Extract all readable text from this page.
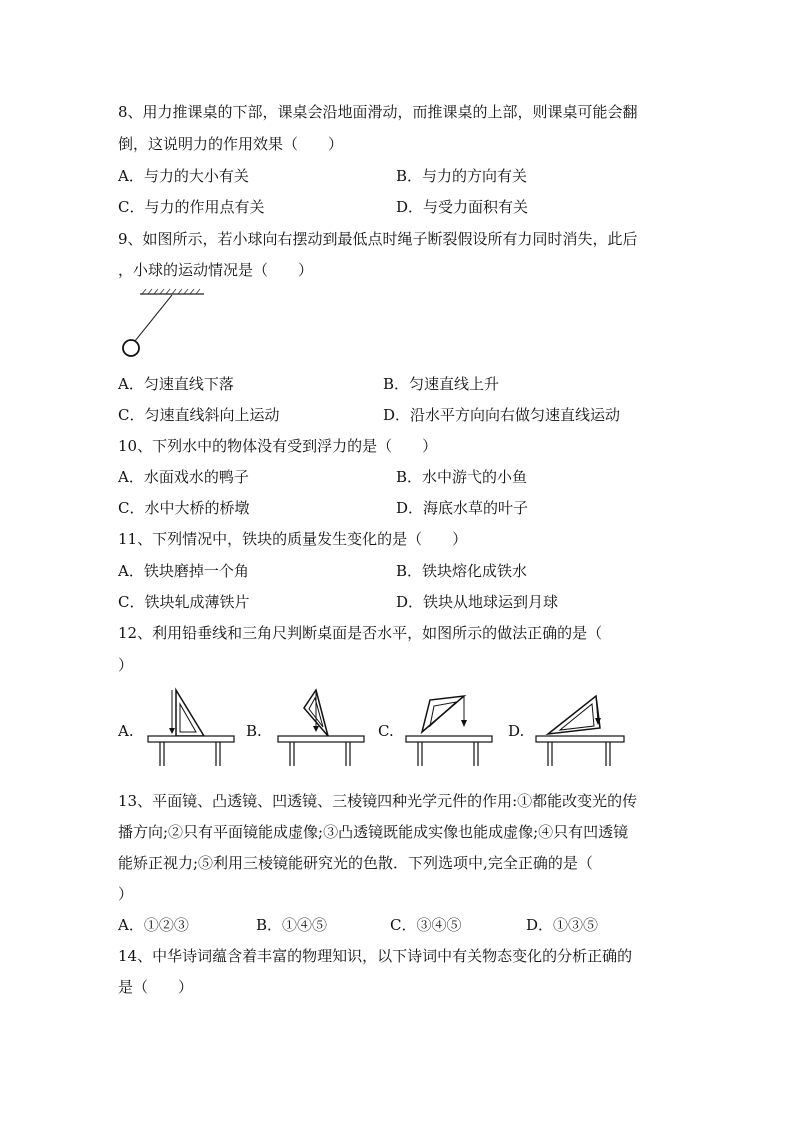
8、用力推课桌的下部，课桌会沿地面滑动，而推课桌的上部，则课桌可能会翻
倒，这说明力的作用效果（　　）
A．与力的大小有关	B．与力的方向有关
C．与力的作用点有关	D．与受力面积有关
9、如图所示，若小球向右摆动到最低点时绳子断裂假设所有力同时消失，此后
，小球的运动情况是（　　）
A．匀速直线下落	B．匀速直线上升
C．匀速直线斜向上运动	D．沿水平方向向右做匀速直线运动
10、下列水中的物体没有受到浮力的是（　　）
A．水面戏水的鸭子	B．水中游弋的小鱼
C．水中大桥的桥墩	D．海底水草的叶子
11、下列情况中，铁块的质量发生变化的是（　　）
A．铁块磨掉一个角	B．铁块熔化成铁水
C．铁块轧成薄铁片	D．铁块从地球运到月球
12、利用铅垂线和三角尺判断桌面是否水平，如图所示的做法正确的是（
）
A.	B.	C.	D.
13、平面镜、凸透镜、凹透镜、三棱镜四种光学元件的作用:①都能改变光的传
播方向;②只有平面镜能成虚像;③凸透镜既能成实像也能成虚像;④只有凹透镜
能矫正视力;⑤利用三棱镜能研究光的色散．下列选项中,完全正确的是（
）
A．①②③	B．①④⑤	C．③④⑤	D．①③⑤
14、中华诗词蕴含着丰富的物理知识，以下诗词中有关物态变化的分析正确的
是（　　）
